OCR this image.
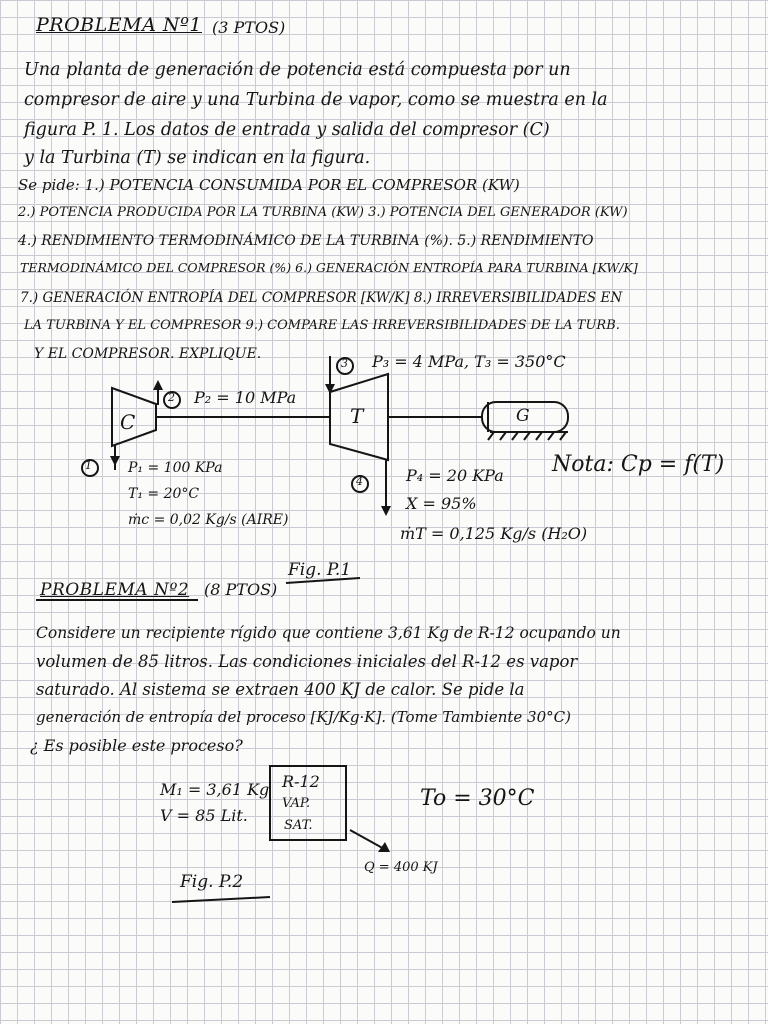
PROBLEMA Nº1 (3 PTOS)
Una planta de generación de potencia está compuesta por un
compresor de aire y una Turbina de vapor, como se muestra en la
figura P. 1. Los datos de entrada y salida del compresor (C)
y la Turbina (T) se indican en la figura.
Se pide: 1.) POTENCIA CONSUMIDA POR EL COMPRESOR (KW)
2.) POTENCIA PRODUCIDA POR LA TURBINA (KW) 3.) POTENCIA DEL GENERADOR (KW)
4.) RENDIMIENTO TERMODINÁMICO DE LA TURBINA (%). 5.) RENDIMIENTO
TERMODINÁMICO DEL COMPRESOR (%) 6.) GENERACIÓN ENTROPÍA PARA TURBINA [KW/K]
7.) GENERACIÓN ENTROPÍA DEL COMPRESOR [KW/K] 8.) IRREVERSIBILIDADES EN
LA TURBINA Y EL COMPRESOR 9.) COMPARE LAS IRREVERSIBILIDADES DE LA TURB.
Y EL COMPRESOR. EXPLIQUE.
C	T	G
1
2
3
4
P₂ = 10 MPa
P₃ = 4 MPa, T₃ = 350°C
P₁ = 100 KPa
T₁ = 20°C
ṁc = 0,02 Kg/s (AIRE)
P₄ = 20 KPa
X = 95%
ṁT = 0,125 Kg/s (H₂O)
Nota: Cp = f(T)
Fig. P.1
PROBLEMA Nº2 (8 PTOS)
Considere un recipiente rígido que contiene 3,61 Kg de R-12 ocupando un
volumen de 85 litros. Las condiciones iniciales del R-12 es vapor
saturado. Al sistema se extraen 400 KJ de calor. Se pide la
generación de entropía del proceso [KJ/Kg·K]. (Tome Tambiente 30°C)
¿ Es posible este proceso?
M₁ = 3,61 Kg
V = 85 Lit.
R-12
VAP.
SAT.
To = 30°C
Q = 400 KJ
Fig. P.2
